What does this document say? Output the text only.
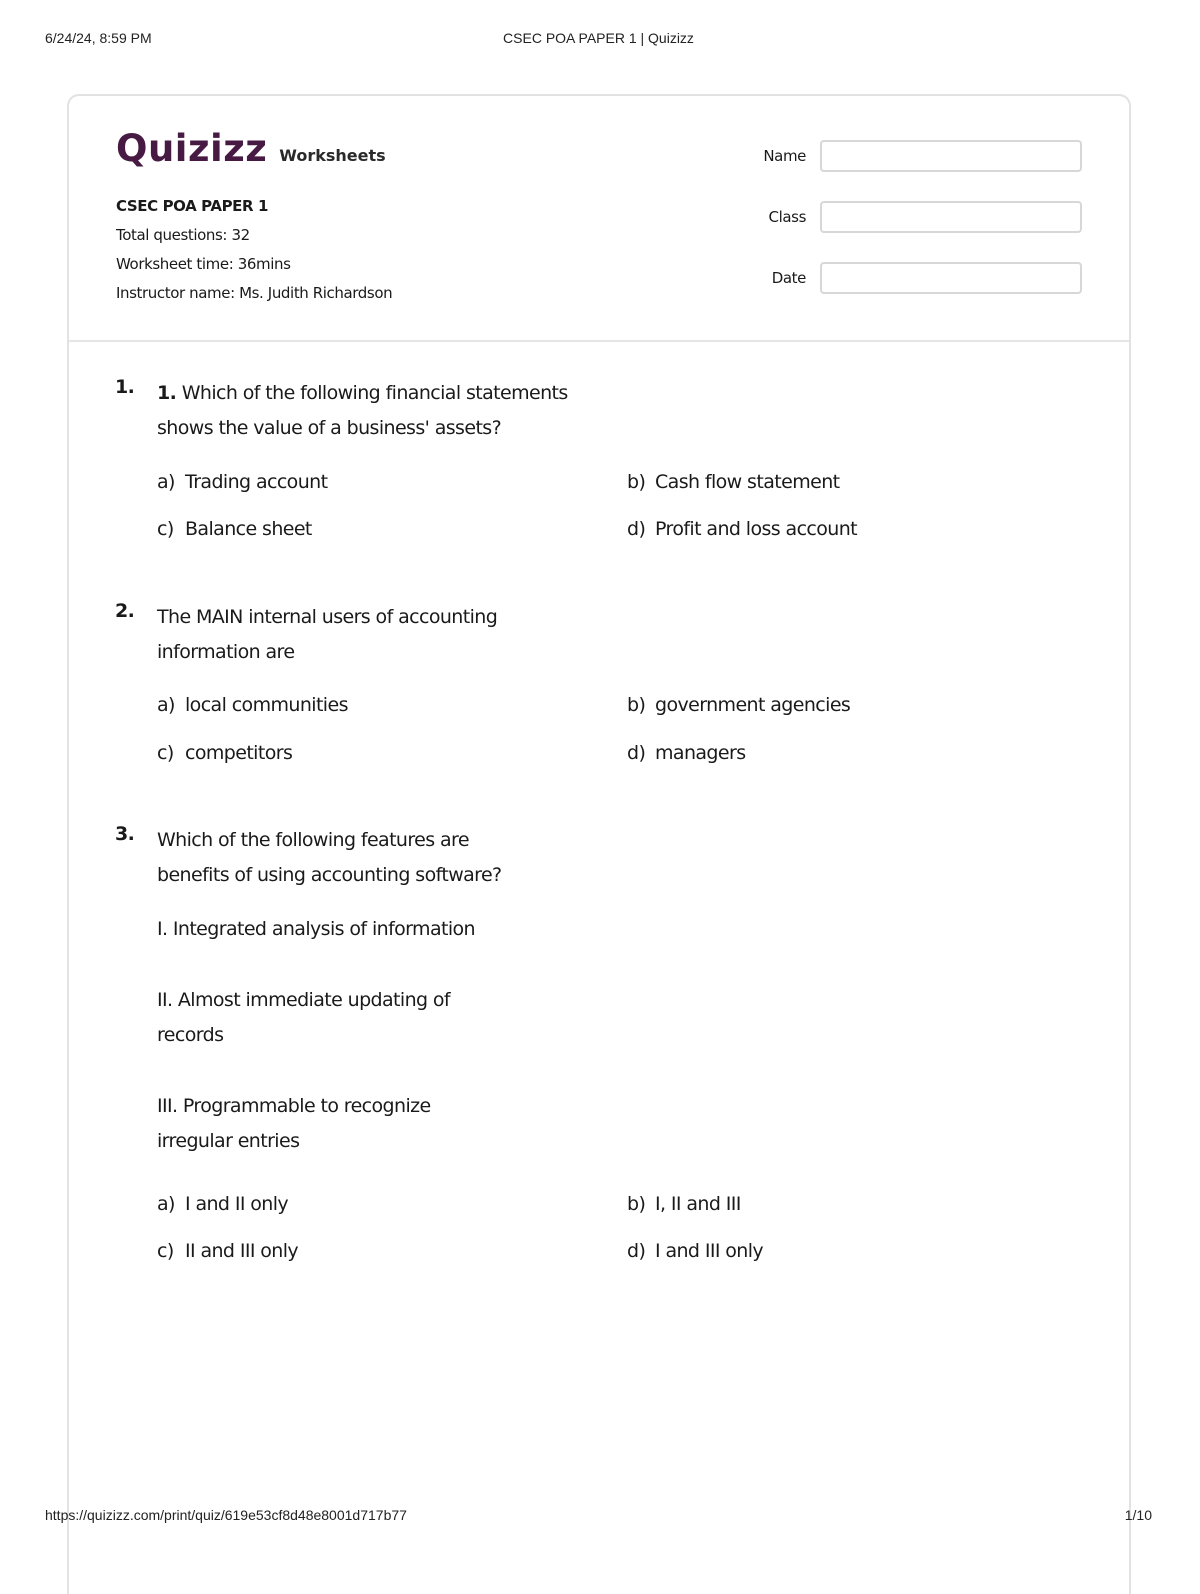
6/24/24, 8:59 PM	CSEC POA PAPER 1 | Quizizz
Quizizz Worksheets
CSEC POA PAPER 1
Total questions: 32
Worksheet time: 36mins
Instructor name: Ms. Judith Richardson
Name
Class
Date
1. 1. Which of the following financial statements
shows the value of a business' assets?
a) Trading account	b) Cash flow statement
c) Balance sheet	d) Profit and loss account
2. The MAIN internal users of accounting
information are
a) local communities	b) government agencies
c) competitors	d) managers
3. Which of the following features are
benefits of using accounting software?
I. Integrated analysis of information
II. Almost immediate updating of
records
III. Programmable to recognize
irregular entries
a) I and II only	b) I, II and III
c) II and III only	d) I and III only
https://quizizz.com/print/quiz/619e53cf8d48e8001d717b77	1/10
